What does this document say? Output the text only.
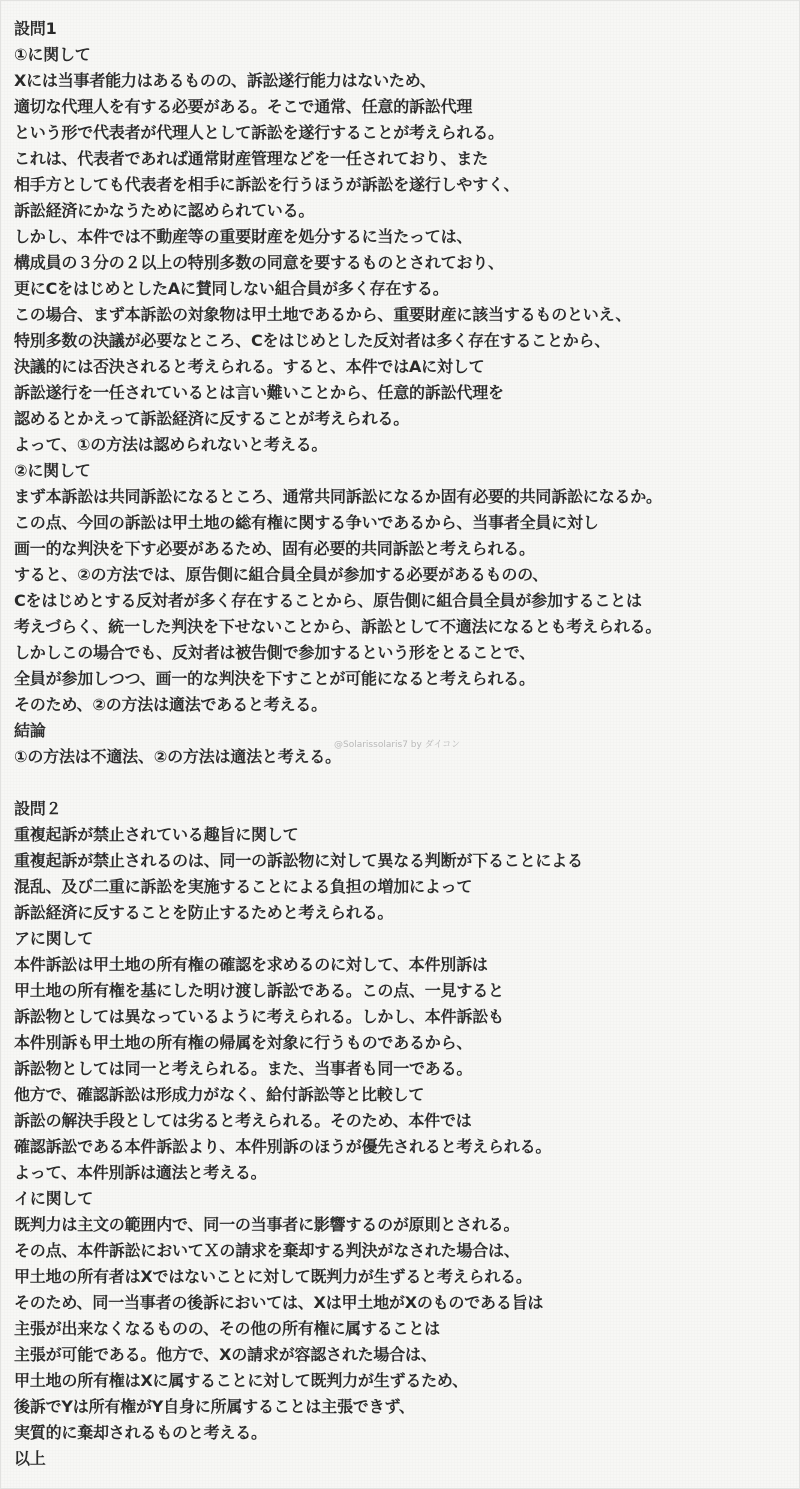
設問1
①に関して
Xには当事者能力はあるものの、訴訟遂行能力はないため、
適切な代理人を有する必要がある。そこで通常、任意的訴訟代理
という形で代表者が代理人として訴訟を遂行することが考えられる。
これは、代表者であれば通常財産管理などを一任されており、また
相手方としても代表者を相手に訴訟を行うほうが訴訟を遂行しやすく、
訴訟経済にかなうために認められている。
しかし、本件では不動産等の重要財産を処分するに当たっては、
構成員の３分の２以上の特別多数の同意を要するものとされており、
更にCをはじめとしたAに賛同しない組合員が多く存在する。
この場合、まず本訴訟の対象物は甲土地であるから、重要財産に該当するものといえ、
特別多数の決議が必要なところ、Cをはじめとした反対者は多く存在することから、
決議的には否決されると考えられる。すると、本件ではAに対して
訴訟遂行を一任されているとは言い難いことから、任意的訴訟代理を
認めるとかえって訴訟経済に反することが考えられる。
よって、①の方法は認められないと考える。
②に関して
まず本訴訟は共同訴訟になるところ、通常共同訴訟になるか固有必要的共同訴訟になるか。
この点、今回の訴訟は甲土地の総有権に関する争いであるから、当事者全員に対し
画一的な判決を下す必要があるため、固有必要的共同訴訟と考えられる。
すると、②の方法では、原告側に組合員全員が参加する必要があるものの、
Cをはじめとする反対者が多く存在することから、原告側に組合員全員が参加することは
考えづらく、統一した判決を下せないことから、訴訟として不適法になるとも考えられる。
しかしこの場合でも、反対者は被告側で参加するという形をとることで、
全員が参加しつつ、画一的な判決を下すことが可能になると考えられる。
そのため、②の方法は適法であると考える。
結論
①の方法は不適法、②の方法は適法と考える。
設問２
重複起訴が禁止されている趣旨に関して
重複起訴が禁止されるのは、同一の訴訟物に対して異なる判断が下ることによる
混乱、及び二重に訴訟を実施することによる負担の増加によって
訴訟経済に反することを防止するためと考えられる。
アに関して
本件訴訟は甲土地の所有権の確認を求めるのに対して、本件別訴は
甲土地の所有権を基にした明け渡し訴訟である。この点、一見すると
訴訟物としては異なっているように考えられる。しかし、本件訴訟も
本件別訴も甲土地の所有権の帰属を対象に行うものであるから、
訴訟物としては同一と考えられる。また、当事者も同一である。
他方で、確認訴訟は形成力がなく、給付訴訟等と比較して
訴訟の解決手段としては劣ると考えられる。そのため、本件では
確認訴訟である本件訴訟より、本件別訴のほうが優先されると考えられる。
よって、本件別訴は適法と考える。
イに関して
既判力は主文の範囲内で、同一の当事者に影響するのが原則とされる。
その点、本件訴訟においてＸの請求を棄却する判決がなされた場合は、
甲土地の所有者はXではないことに対して既判力が生ずると考えられる。
そのため、同一当事者の後訴においては、Xは甲土地がXのものである旨は
主張が出来なくなるものの、その他の所有権に属することは
主張が可能である。他方で、Xの請求が容認された場合は、
甲土地の所有権はXに属することに対して既判力が生ずるため、
後訴でYは所有権がY自身に所属することは主張できず、
実質的に棄却されるものと考える。
以上
@Solarissolaris7 by ダイコン
